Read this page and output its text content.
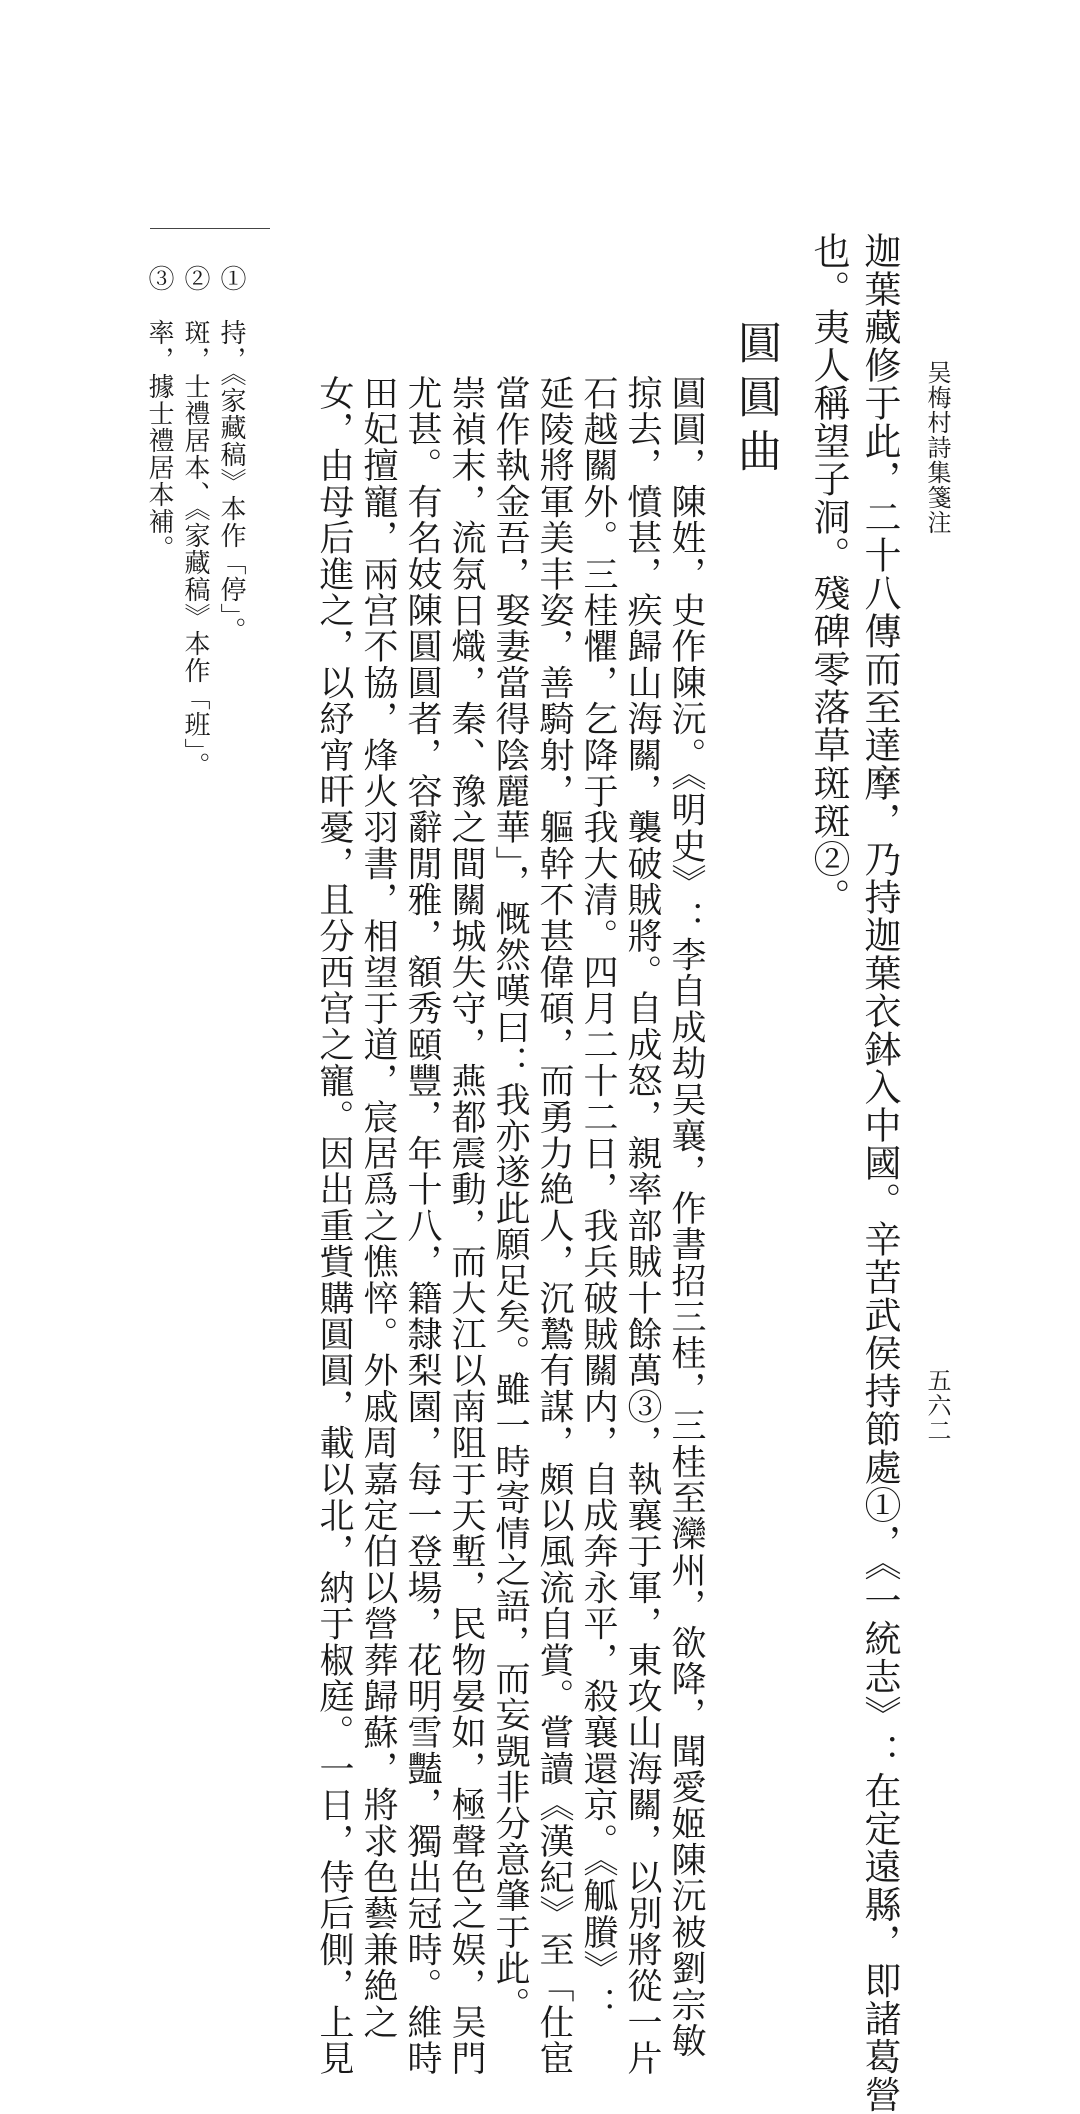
吴梅村詩集箋注
五六二
迦葉藏修于此，二十八傳而至達摩，乃持迦葉衣鉢入中國。辛苦武侯持節處①，《一統志》：在定遠縣，即諸葛營
也。夷人稱望子洞。殘碑零落草斑斑②。
圓圓曲
圓圓，陳姓，史作陳沅。《明史》：李自成劫吴襄，作書招三桂，三桂至灤州，欲降，聞愛姬陳沅被劉宗敏
掠去，憤甚，疾歸山海關，襲破賊將。自成怒，親率部賊十餘萬③，執襄于軍，東攻山海關，以別將從一片
石越關外。三桂懼，乞降于我大清。四月二十二日，我兵破賊關内，自成奔永平，殺襄還京。《觚賸》：
延陵將軍美丰姿，善騎射，軀幹不甚偉碩，而勇力絶人，沉鷙有謀，頗以風流自賞。嘗讀《漢紀》至「仕宦
當作執金吾，娶妻當得陰麗華」，慨然嘆曰：我亦遂此願足矣。雖一時寄情之語，而妄覬非分意肇于此。
崇禎末，流氛日熾，秦、豫之間關城失守，燕都震動，而大江以南阻于天塹，民物晏如，極聲色之娱，吴門
尤甚。有名妓陳圓圓者，容辭閒雅，額秀頤豐，年十八，籍隸梨園，每一登場，花明雪豔，獨出冠時。維時
田妃擅寵，兩宫不協，烽火羽書，相望于道，宸居爲之憔悴。外戚周嘉定伯以營葬歸蘇，將求色藝兼絶之
女，由母后進之，以紓宵旰憂，且分西宫之寵。因出重貲購圓圓，載以北，納于椒庭。一日，侍后側，上見
①　持，《家藏稿》本作「停」。
②　斑，士禮居本、《家藏稿》本作「班」。
③　率，據士禮居本補。
